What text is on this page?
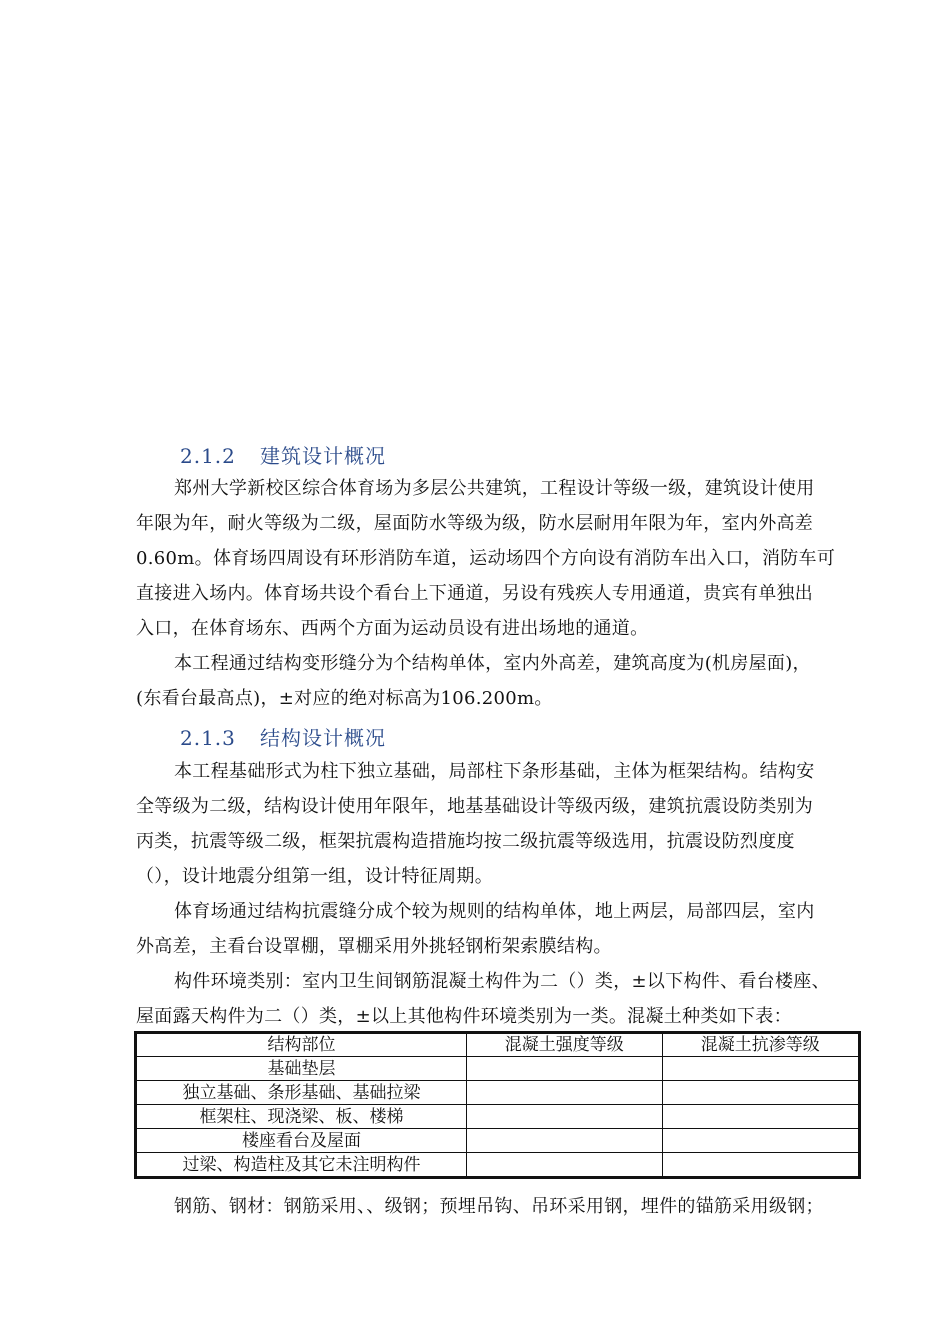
2.1.2 建筑设计概况
郑州大学新校区综合体育场为多层公共建筑，工程设计等级一级，建筑设计使用
年限为年，耐火等级为二级，屋面防水等级为级，防水层耐用年限为年，室内外高差
0.60m。体育场四周设有环形消防车道，运动场四个方向设有消防车出入口，消防车可
直接进入场内。体育场共设个看台上下通道，另设有残疾人专用通道，贵宾有单独出
入口，在体育场东、西两个方面为运动员设有进出场地的通道。
本工程通过结构变形缝分为个结构单体，室内外高差，建筑高度为(机房屋面)，
(东看台最高点)，±对应的绝对标高为106.200m。
2.1.3 结构设计概况
本工程基础形式为柱下独立基础，局部柱下条形基础，主体为框架结构。结构安
全等级为二级，结构设计使用年限年，地基基础设计等级丙级，建筑抗震设防类别为
丙类，抗震等级二级，框架抗震构造措施均按二级抗震等级选用，抗震设防烈度度
（），设计地震分组第一组，设计特征周期。
体育场通过结构抗震缝分成个较为规则的结构单体，地上两层，局部四层，室内
外高差，主看台设罩棚，罩棚采用外挑轻钢桁架索膜结构。
构件环境类别：室内卫生间钢筋混凝土构件为二（）类，±以下构件、看台楼座、
屋面露天构件为二（）类，±以上其他构件环境类别为一类。混凝土种类如下表：
结构部位	混凝土强度等级	混凝土抗渗等级
基础垫层		
独立基础、条形基础、基础拉梁		
框架柱、现浇梁、板、楼梯		
楼座看台及屋面		
过梁、构造柱及其它未注明构件		
钢筋、钢材：钢筋采用、、级钢；预埋吊钩、吊环采用钢，埋件的锚筋采用级钢；
